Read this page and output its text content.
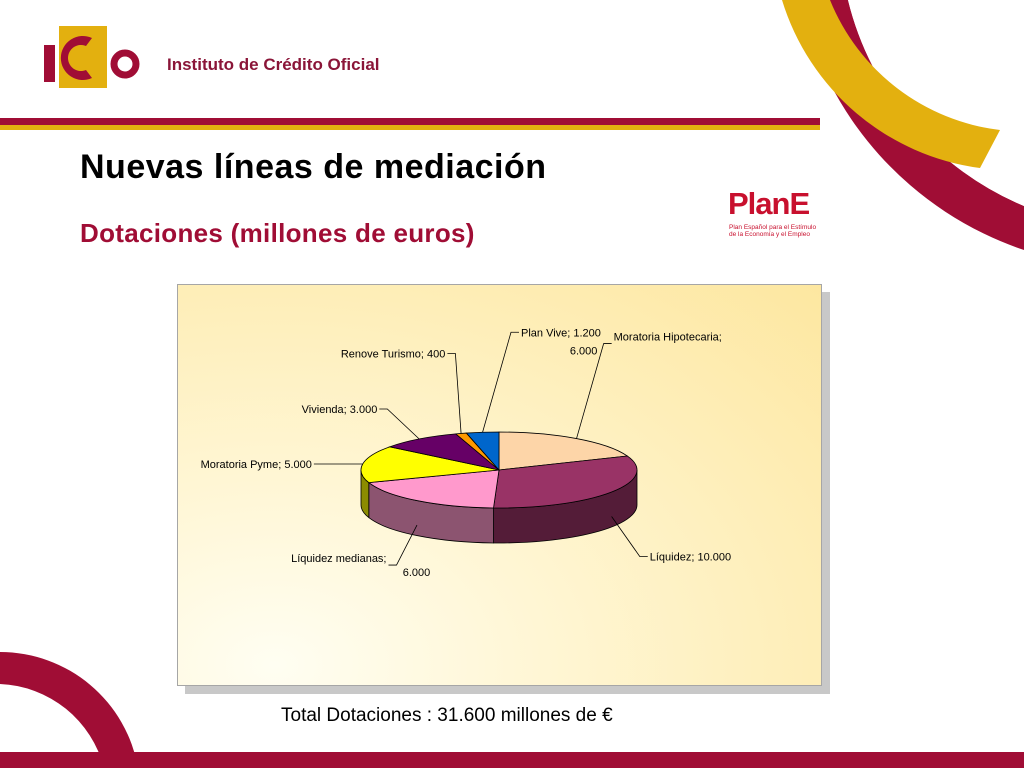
Instituto de Crédito Oficial
Nuevas líneas de mediación
Dotaciones (millones de euros)
PlanE
Plan Español para el Estímulo de la Economía y el Empleo
Moratoria Hipotecaria; 6.000
Líquidez; 10.000
Líquidez medianas;6.000
Moratoria Pyme; 5.000
Vivienda; 3.000
Renove Turismo; 400
Plan Vive; 1.200
Total Dotaciones : 31.600 millones de €
